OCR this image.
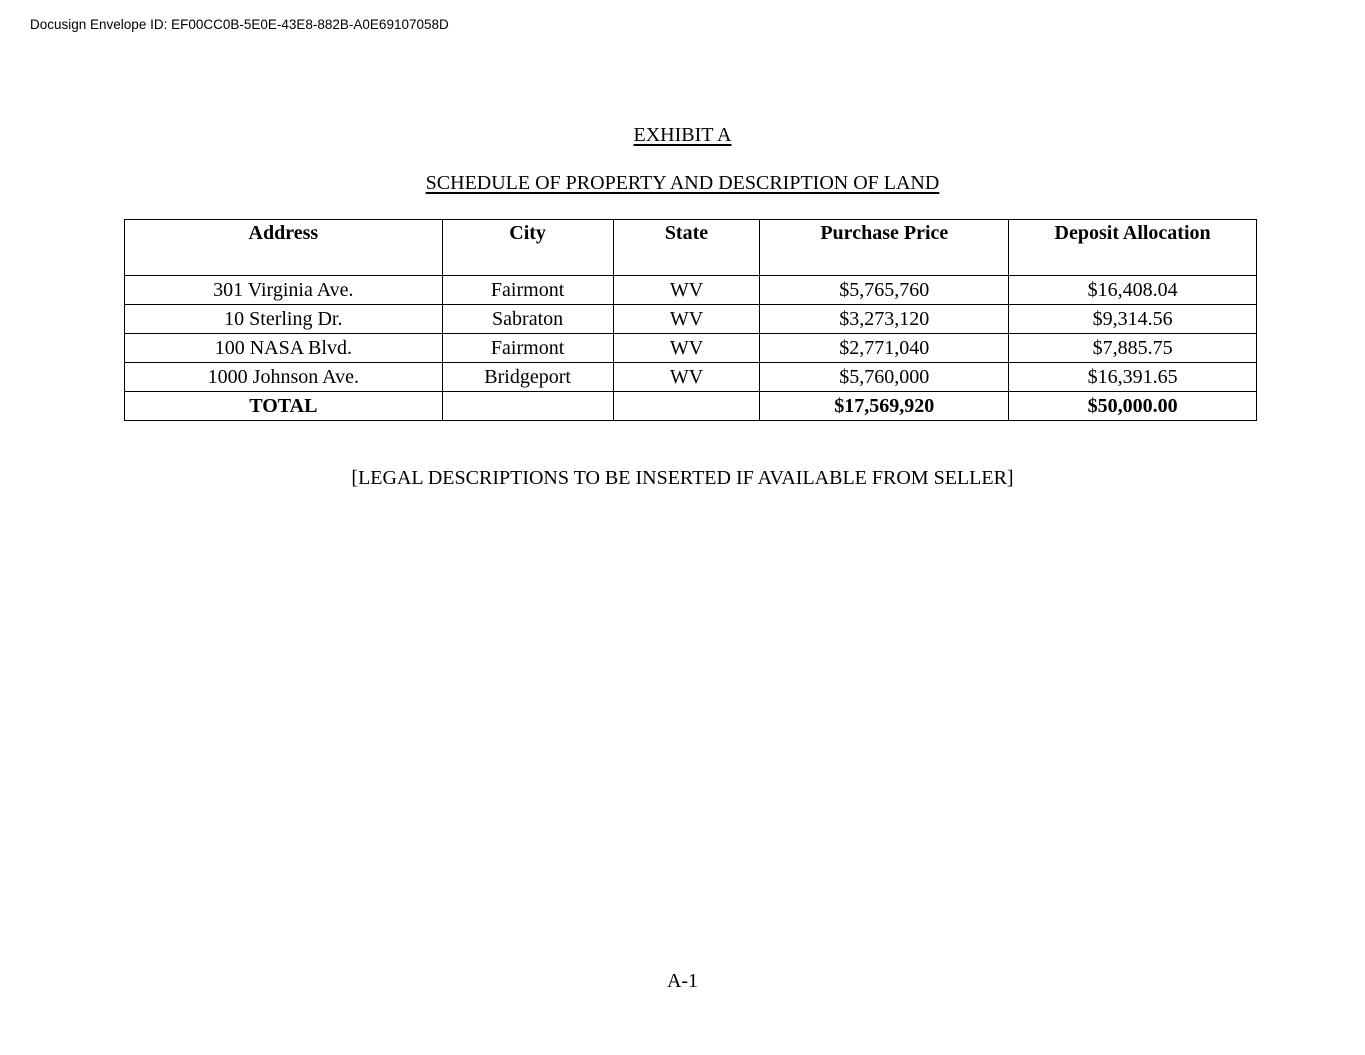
Docusign Envelope ID: EF00CC0B-5E0E-43E8-882B-A0E69107058D
EXHIBIT A
SCHEDULE OF PROPERTY AND DESCRIPTION OF LAND
Address	City	State	Purchase Price	Deposit Allocation
301 Virginia Ave.	Fairmont	WV	$5,765,760	$16,408.04
10 Sterling Dr.	Sabraton	WV	$3,273,120	$9,314.56
100 NASA Blvd.	Fairmont	WV	$2,771,040	$7,885.75
1000 Johnson Ave.	Bridgeport	WV	$5,760,000	$16,391.65
TOTAL			$17,569,920	$50,000.00
[LEGAL DESCRIPTIONS TO BE INSERTED IF AVAILABLE FROM SELLER]
A-1
